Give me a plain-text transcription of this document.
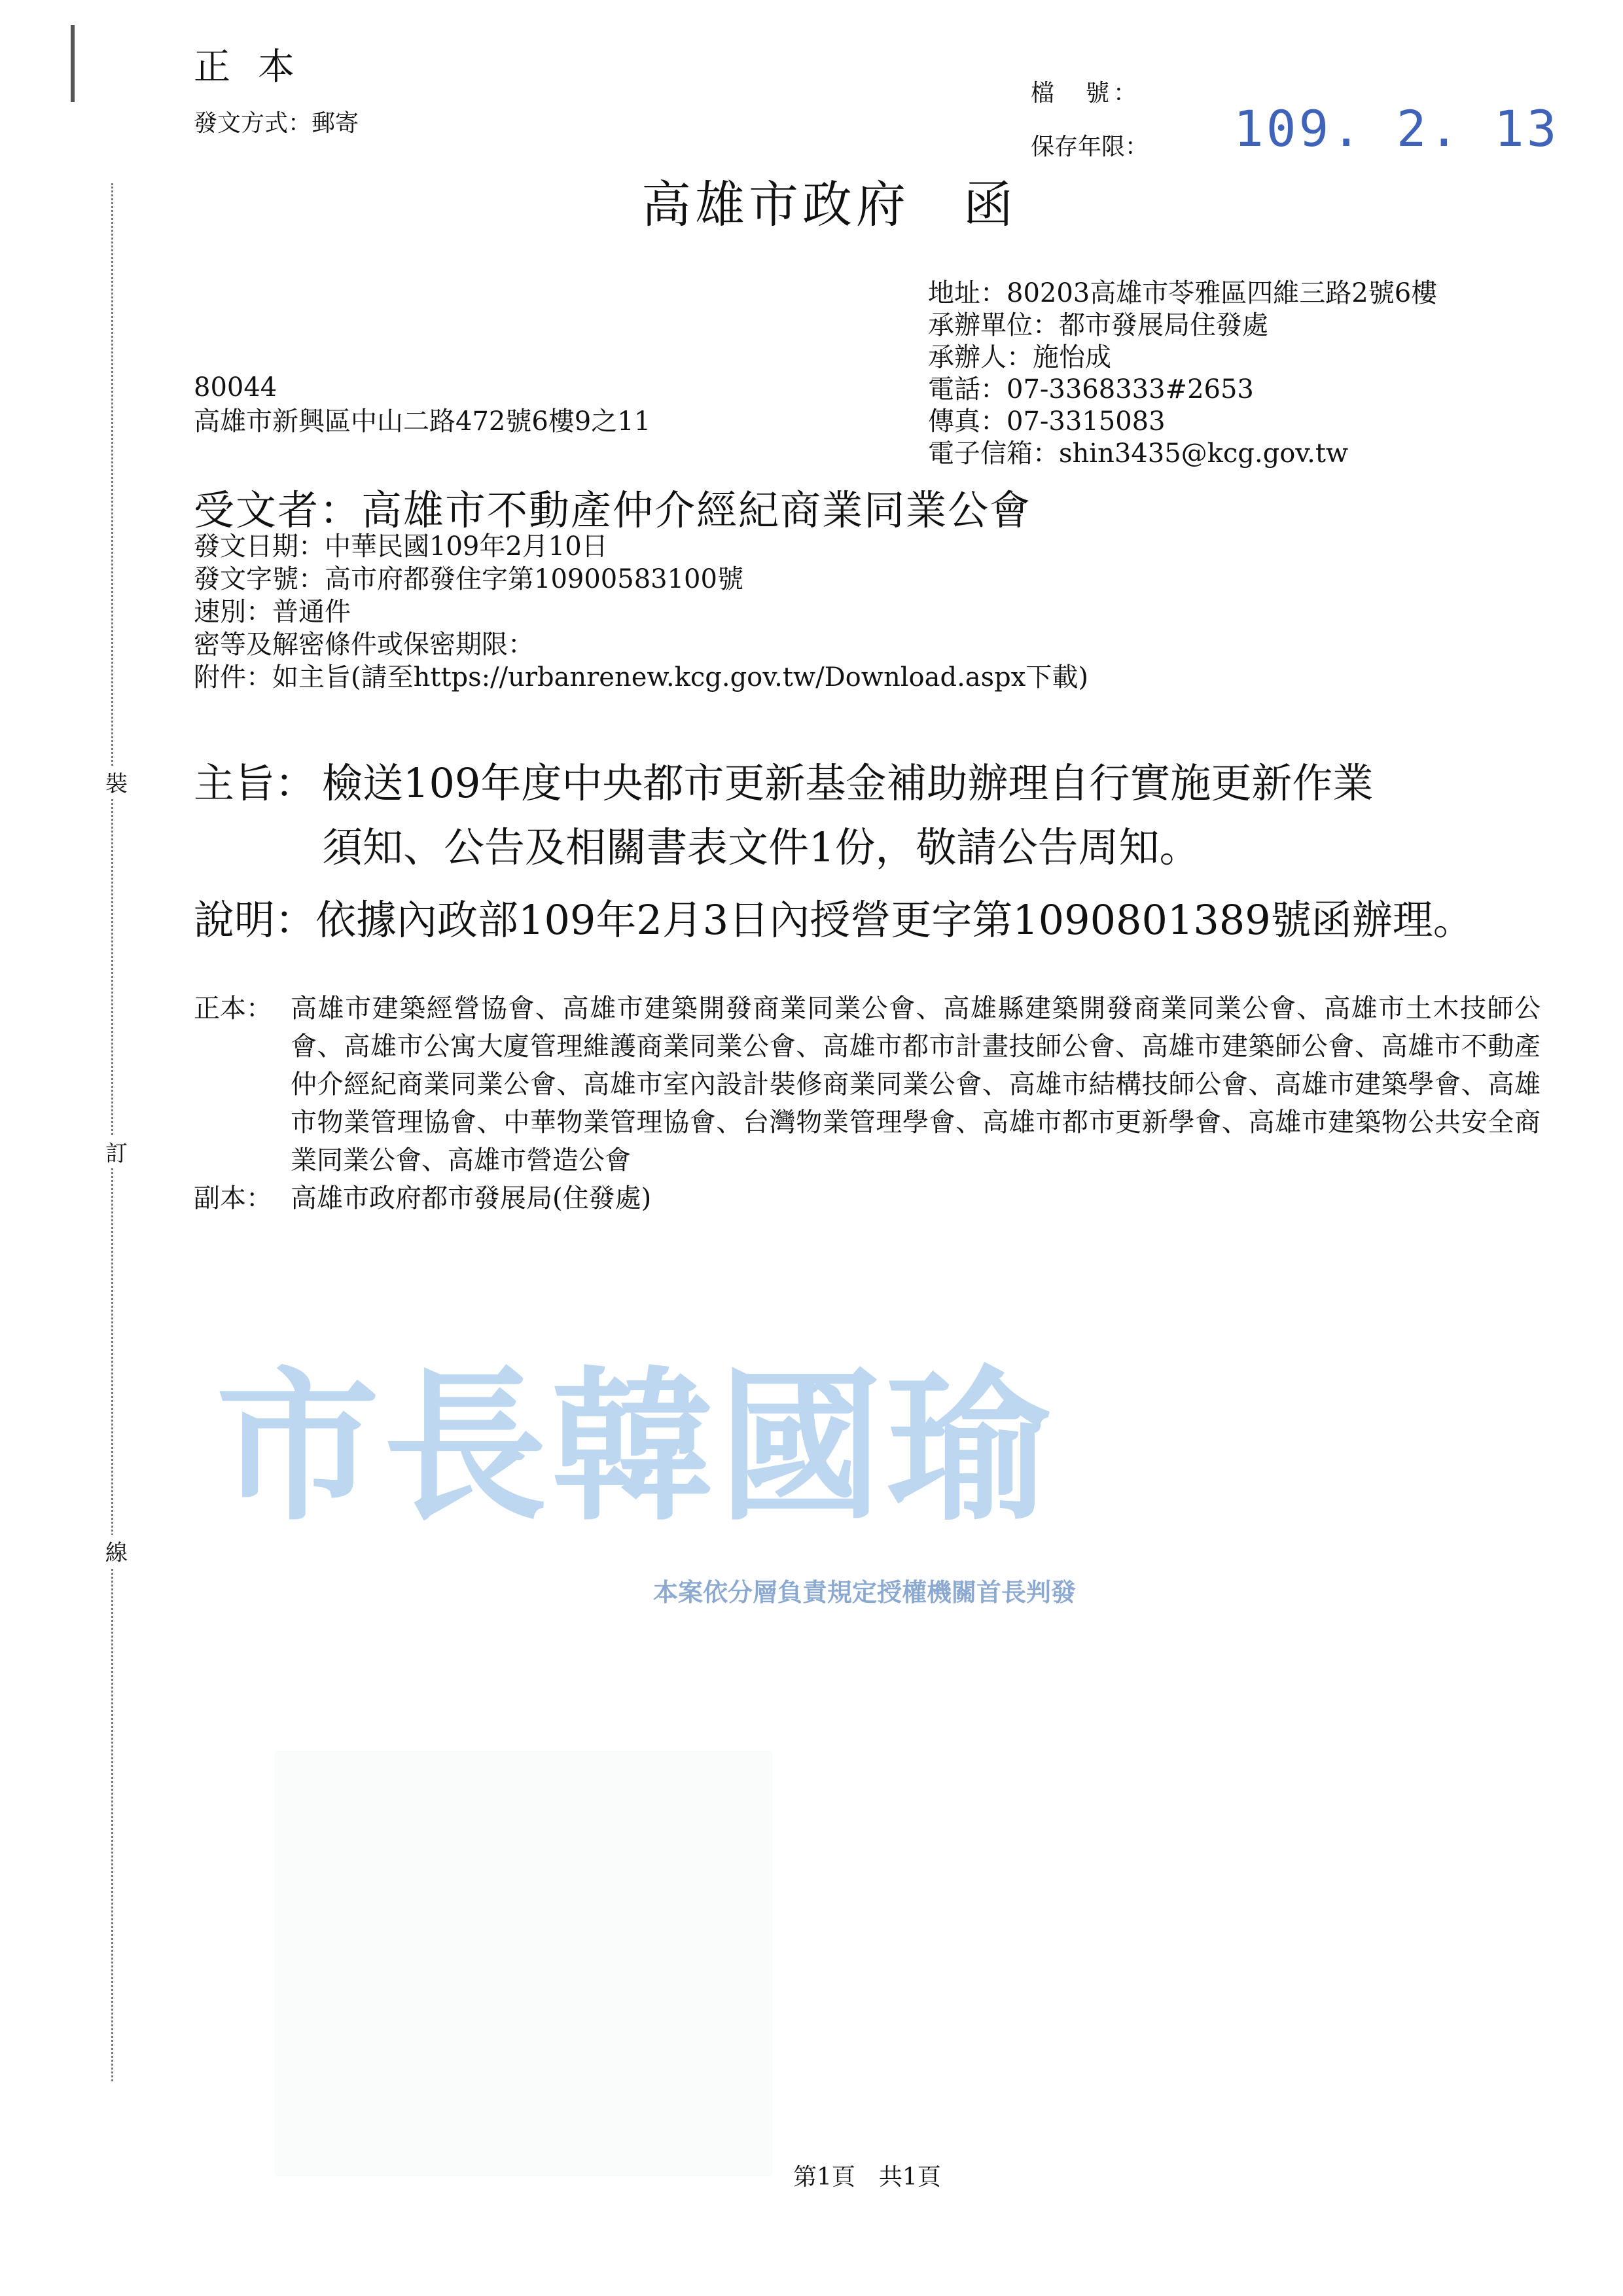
裝
訂
線
正本
發文方式：郵寄
檔　號：
保存年限： 109. 2. 13
高雄市政府　函
地址：80203高雄市苓雅區四維三路2號6樓
承辦單位：都市發展局住發處
承辦人：施怡成
電話：07-3368333#2653
傳真：07-3315083
電子信箱：shin3435@kcg.gov.tw
80044
高雄市新興區中山二路472號6樓9之11
受文者：高雄市不動產仲介經紀商業同業公會
發文日期：中華民國109年2月10日
發文字號：高市府都發住字第10900583100號
速別：普通件
密等及解密條件或保密期限：
附件：如主旨(請至https://urbanrenew.kcg.gov.tw/Download.aspx下載)
主旨： 檢送109年度中央都市更新基金補助辦理自行實施更新作業
須知、公告及相關書表文件1份，敬請公告周知。
說明：依據內政部109年2月3日內授營更字第1090801389號函辦理。
正本： 高雄市建築經營協會、高雄市建築開發商業同業公會、高雄縣建築開發商業同業公會、高雄市土木技師公會、高雄市公寓大廈管理維護商業同業公會、高雄市都市計畫技師公會、高雄市建築師公會、高雄市不動產仲介經紀商業同業公會、高雄市室內設計裝修商業同業公會、高雄市結構技師公會、高雄市建築學會、高雄市物業管理協會、中華物業管理協會、台灣物業管理學會、高雄市都市更新學會、高雄市建築物公共安全商業同業公會、高雄市營造公會
副本： 高雄市政府都市發展局(住發處)
市長韓國瑜
本案依分層負責規定授權機關首長判發
第1頁　共1頁
